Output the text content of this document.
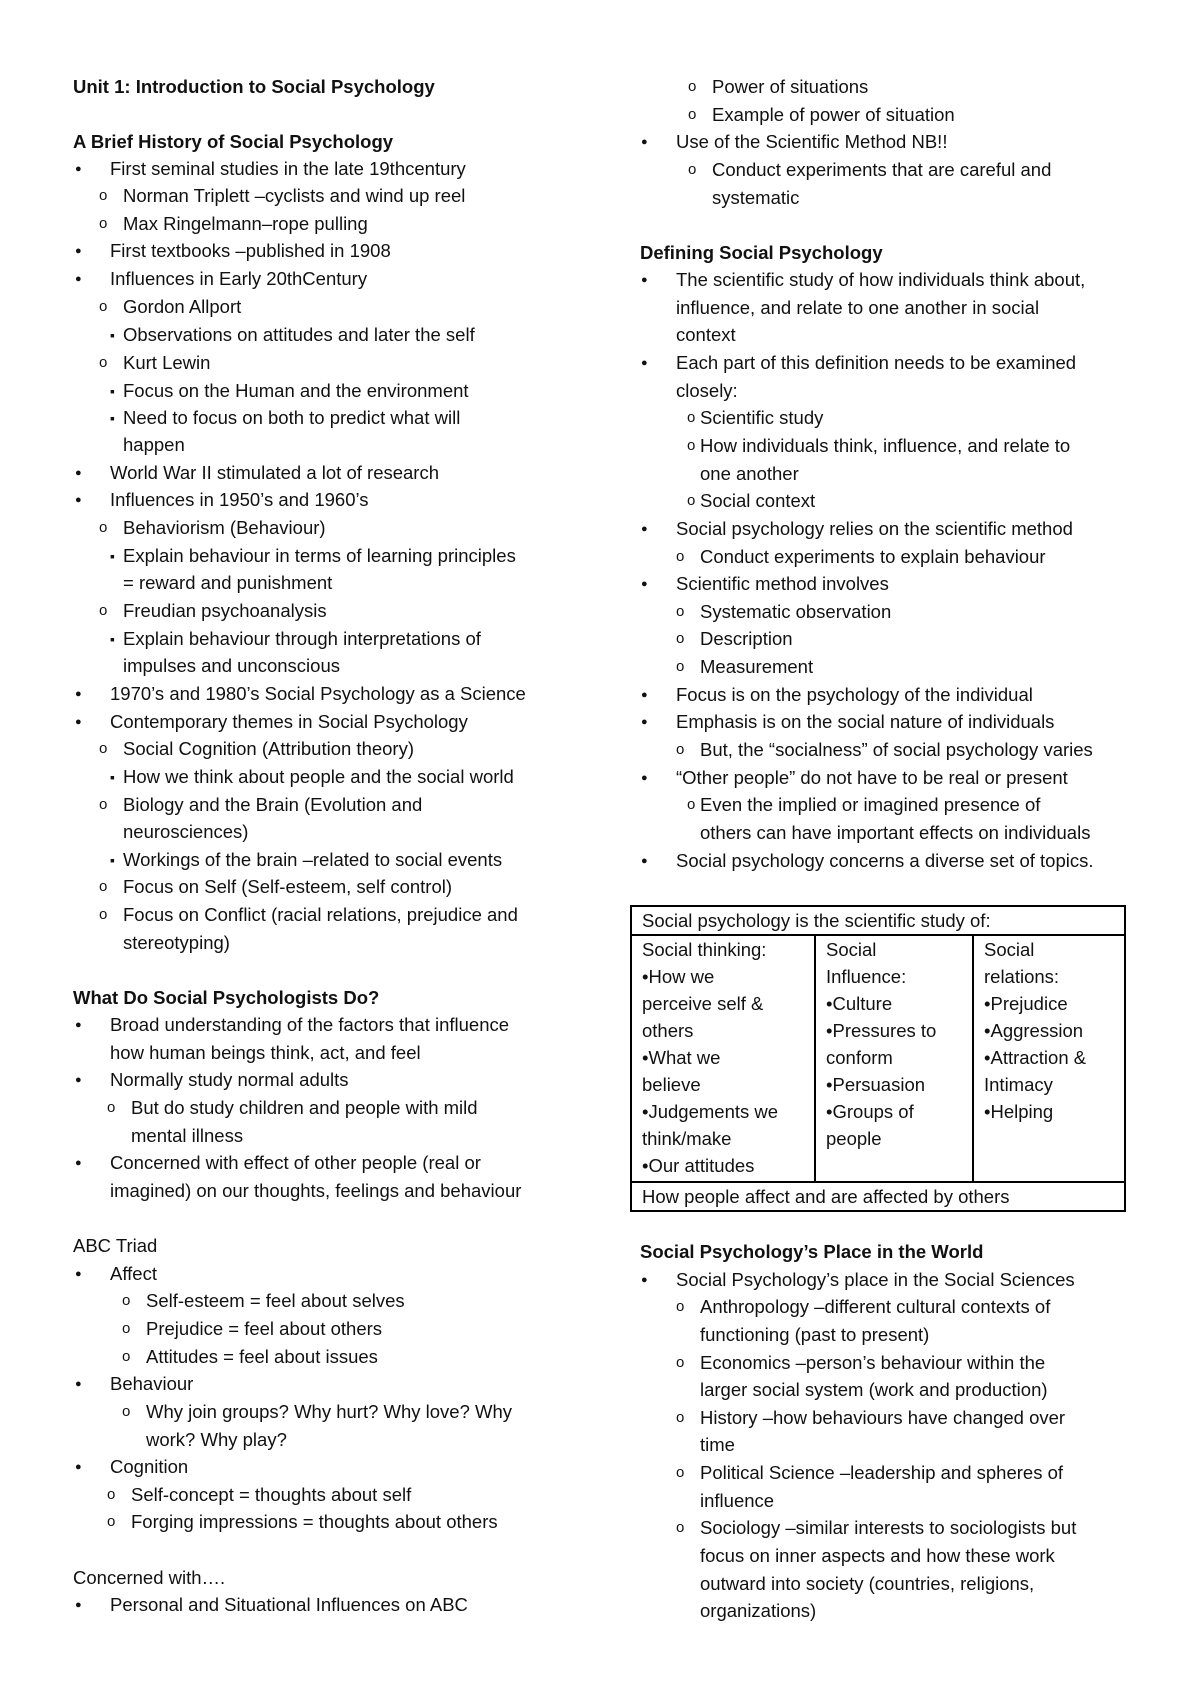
Unit 1: Introduction to Social Psychology
A Brief History of Social Psychology
● First seminal studies in the late 19thcentury
o Norman Triplett –cyclists and wind up reel
o Max Ringelmann–rope pulling
● First textbooks –published in 1908
● Influences in Early 20thCentury
o Gordon Allport
▪ Observations on attitudes and later the self
o Kurt Lewin
▪ Focus on the Human and the environment
▪ Need to focus on both to predict what will
happen
● World War II stimulated a lot of research
● Influences in 1950’s and 1960’s
o Behaviorism (Behaviour)
▪ Explain behaviour in terms of learning principles
= reward and punishment
o Freudian psychoanalysis
▪ Explain behaviour through interpretations of
impulses and unconscious
● 1970’s and 1980’s Social Psychology as a Science
● Contemporary themes in Social Psychology
o Social Cognition (Attribution theory)
▪ How we think about people and the social world
o Biology and the Brain (Evolution and
neurosciences)
▪ Workings of the brain –related to social events
o Focus on Self (Self-esteem, self control)
o Focus on Conflict (racial relations, prejudice and
stereotyping)
What Do Social Psychologists Do?
● Broad understanding of the factors that influence
how human beings think, act, and feel
● Normally study normal adults
o But do study children and people with mild
mental illness
● Concerned with effect of other people (real or
imagined) on our thoughts, feelings and behaviour
ABC Triad
● Affect
o Self-esteem = feel about selves
o Prejudice = feel about others
o Attitudes = feel about issues
● Behaviour
o Why join groups? Why hurt? Why love? Why
work? Why play?
● Cognition
o Self-concept = thoughts about self
o Forging impressions = thoughts about others
Concerned with….
● Personal and Situational Influences on ABC
o Power of situations
o Example of power of situation
● Use of the Scientific Method NB!!
o Conduct experiments that are careful and
systematic
Defining Social Psychology
● The scientific study of how individuals think about,
influence, and relate to one another in social
context
● Each part of this definition needs to be examined
closely:
o Scientific study
o How individuals think, influence, and relate to
one another
o Social context
● Social psychology relies on the scientific method
o Conduct experiments to explain behaviour
● Scientific method involves
o Systematic observation
o Description
o Measurement
● Focus is on the psychology of the individual
● Emphasis is on the social nature of individuals
o But, the “socialness” of social psychology varies
● “Other people” do not have to be real or present
o Even the implied or imagined presence of
others can have important effects on individuals
● Social psychology concerns a diverse set of topics.
Social psychology is the scientific study of:

Social thinking:
•How we
perceive self &
others
•What we
believe
•Judgements we
think/make
•Our attitudes

Social
Influence:
•Culture
•Pressures to
conform
•Persuasion
•Groups of
people

Social
relations:
•Prejudice
•Aggression
•Attraction &
Intimacy
•Helping

How people affect and are affected by others
Social Psychology’s Place in the World
● Social Psychology’s place in the Social Sciences
o Anthropology –different cultural contexts of
functioning (past to present)
o Economics –person’s behaviour within the
larger social system (work and production)
o History –how behaviours have changed over
time
o Political Science –leadership and spheres of
influence
o Sociology –similar interests to sociologists but
focus on inner aspects and how these work
outward into society (countries, religions,
organizations)
